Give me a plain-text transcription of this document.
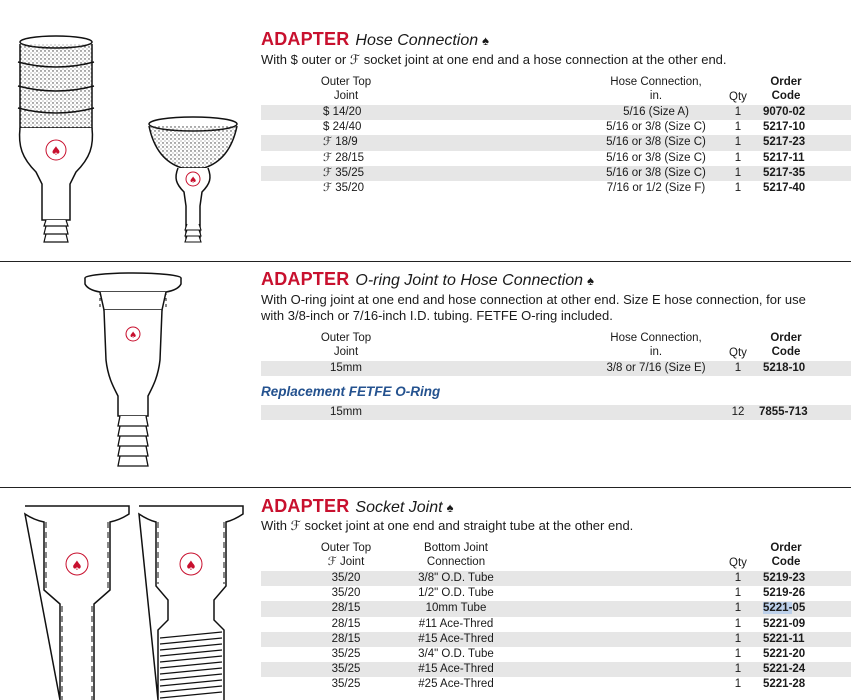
♠
♠
ADAPTER Hose Connection ♠
With $ outer or ℱ socket joint at one end and a hose connection at the other end.
Outer Top
Joint
Hose Connection,
in.	Qty
Order
Code
$ 14/20	5/16 (Size A)	1	9070-02
$ 24/40	5/16 or 3/8 (Size C)	1	5217-10
ℱ 18/9	5/16 or 3/8 (Size C)	1	5217-23
ℱ 28/15	5/16 or 3/8 (Size C)	1	5217-11
ℱ 35/25	5/16 or 3/8 (Size C)	1	5217-35
ℱ 35/20	7/16 or 1/2 (Size F)	1	5217-40
♠
ADAPTER O-ring Joint to Hose Connection ♠
With O-ring joint at one end and hose connection at other end. Size E hose connection, for use
with 3/8-inch or 7/16-inch I.D. tubing. FETFE O-ring included.
Outer Top
Joint
Hose Connection,
in.	Qty
Order
Code
15mm	3/8 or 7/16 (Size E)	1	5218-10
Replacement FETFE O-Ring
15mm	12	7855-713
♠	♠
ADAPTER Socket Joint ♠
With ℱ socket joint at one end and straight tube at the other end.
Outer Top
ℱ Joint
Bottom Joint
Connection	Qty
Order
Code
35/20	3/8" O.D. Tube	1	5219-23
35/20	1/2" O.D. Tube	1	5219-26
28/15	10mm Tube	1	5221-05
28/15	#11 Ace-Thred	1	5221-09
28/15	#15 Ace-Thred	1	5221-11
35/25	3/4" O.D. Tube	1	5221-20
35/25	#15 Ace-Thred	1	5221-24
35/25	#25 Ace-Thred	1	5221-28
